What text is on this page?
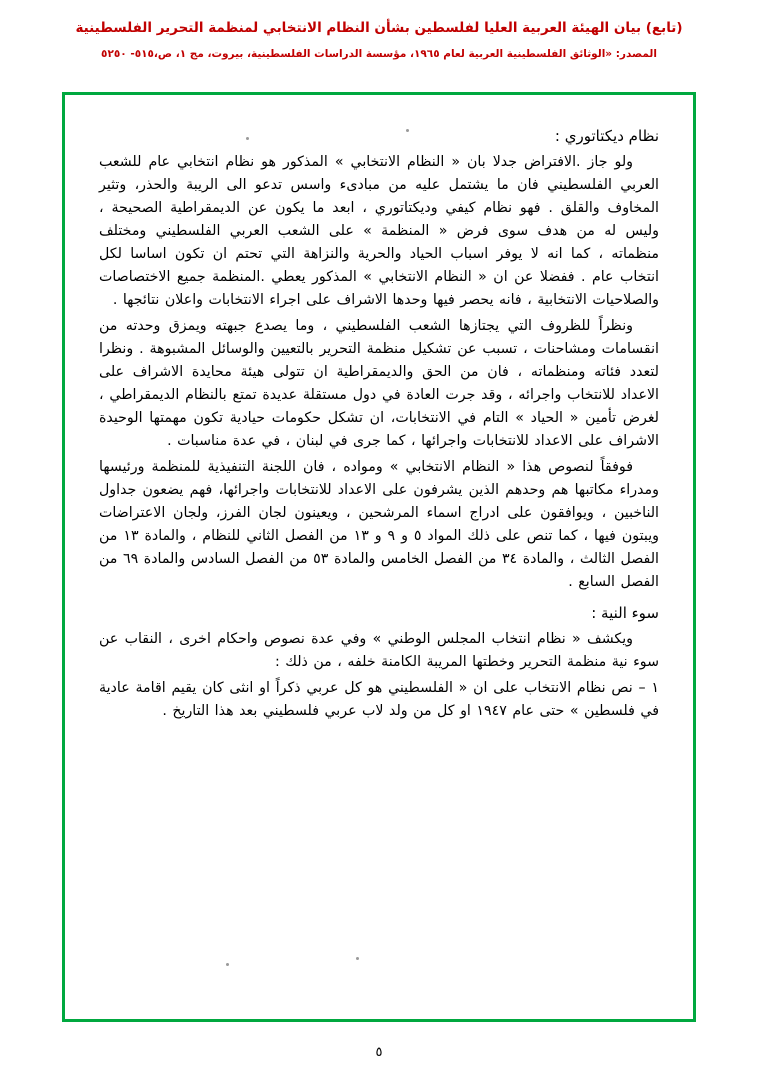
(تابع) بيان الهيئة العربية العليا لفلسطين بشأن النظام الانتخابي لمنظمة التحرير الفلسطينية
المصدر: «الوثائق الفلسطينية العربية لعام ١٩٦٥، مؤسسة الدراسات الفلسطينية، بيروت، مج ١، ص،٥١٥- ٥٢٥٠
نظام ديكتاتوري :

ولو جاز .الافتراض جدلا بان « النظام الانتخابي » المذكور هو نظام انتخابي عام للشعب العربي الفلسطيني فان ما يشتمل عليه من مبادىء واسس تدعو الى الريبة والحذر، وتثير المخاوف والقلق . فهو نظام كيفي وديكتاتوري ، ابعد ما يكون عن الديمقراطية الصحيحة ، وليس له من هدف سوى فرض « المنظمة » على الشعب العربي الفلسطيني ومختلف منظماته ، كما انه لا يوفر اسباب الحياد والحرية والنزاهة التي تحتم ان تكون اساسا لكل انتخاب عام . ففضلا عن ان « النظام الانتخابي » المذكور يعطي .المنظمة جميع الاختصاصات والصلاحيات الانتخابية ، فانه يحصر فيها وحدها الاشراف على اجراء الانتخابات واعلان نتائجها .

ونظراً للظروف التي يجتازها الشعب الفلسطيني ، وما يصدع جبهته ويمزق وحدته من انقسامات ومشاحنات ، تسبب عن تشكيل منظمة التحرير بالتعيين والوسائل المشبوهة . ونظرا لتعدد فئاته ومنظماته ، فان من الحق والديمقراطية ان تتولى هيئة محايدة الاشراف على الاعداد للانتخاب واجرائه ، وقد جرت العادة في دول مستقلة عديدة تمتع بالنظام الديمقراطي ، لغرض تأمين « الحياد » التام في الانتخابات، ان تشكل حكومات حيادية تكون مهمتها الوحيدة الاشراف على الاعداد للانتخابات واجرائها ، كما جرى في لبنان ، في عدة مناسبات .

فوفقاً لنصوص هذا « النظام الانتخابي » ومواده ، فان اللجنة التنفيذية للمنظمة ورئيسها ومدراء مكاتبها هم وحدهم الذين يشرفون على الاعداد للانتخابات واجرائها، فهم يضعون جداول الناخبين ، ويوافقون على ادراج اسماء المرشحين ، ويعينون لجان الفرز، ولجان الاعتراضات ويبتون فيها ، كما تنص على ذلك المواد ٥ و ٩ و ١٣ من الفصل الثاني للنظام ، والمادة ١٣ من الفصل الثالث ، والمادة ٣٤ من الفصل الخامس والمادة ٥٣ من الفصل السادس والمادة ٦٩ من الفصل السابع .

سوء النية :

ويكشف « نظام انتخاب المجلس الوطني » وفي عدة نصوص واحكام اخرى ، النقاب عن سوء نية منظمة التحرير وخطتها المريبة الكامنة خلفه ، من ذلك :

١ – نص نظام الانتخاب على ان « الفلسطيني هو كل عربي ذكراً او انثى كان يقيم اقامة عادية في فلسطين » حتى عام ١٩٤٧ او كل من ولد لاب عربي فلسطيني بعد هذا التاريخ .

٥
